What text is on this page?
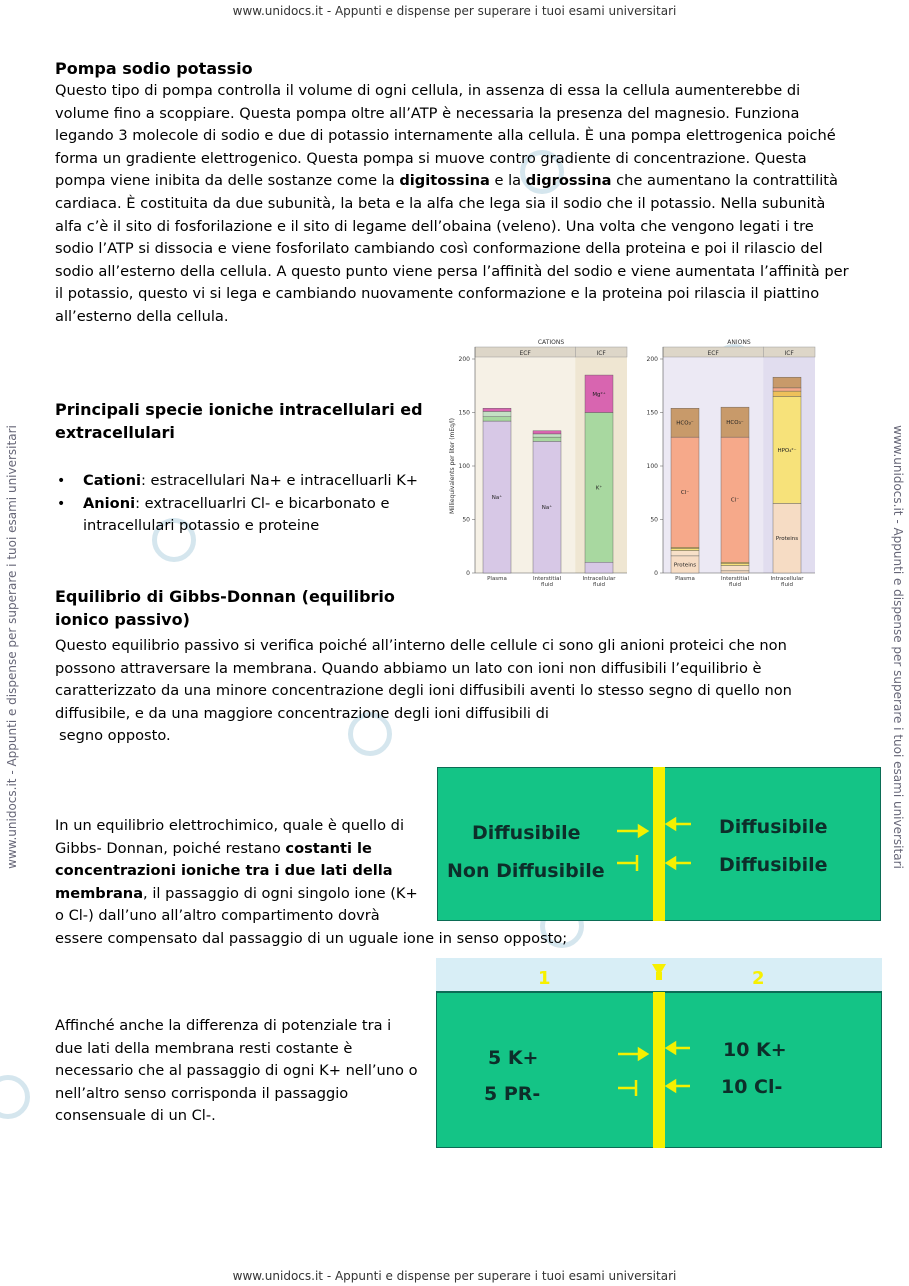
www.unidocs.it - Appunti e dispense per superare i tuoi esami universitari
www.unidocs.it - Appunti e dispense per superare i tuoi esami universitari
www.unidocs.it - Appunti e dispense per superare i tuoi esami universitari	www.unidocs.it - Appunti e dispense per superare i tuoi esami universitari
Pompa sodio potassio

Questo tipo di pompa controlla il volume di ogni cellula, in assenza di essa la cellula aumenterebbe di volume fino a scoppiare. Questa pompa oltre all’ATP è necessaria la presenza del magnesio. Funziona legando 3 molecole di sodio e due di potassio internamente alla cellula. È una pompa elettrogenica poiché forma un gradiente elettrogenico. Questa pompa si muove contro gradiente di concentrazione. Questa pompa viene inibita da delle sostanze come la digitossina e la digrossina che aumentano la contrattilità cardiaca. È costituita da due subunità, la beta e la alfa che lega sia il sodio che il potassio. Nella subunità alfa c’è il sito di fosforilazione e il sito di legame dell’obaina (veleno). Una volta che vengono legati i tre sodio l’ATP si dissocia e viene fosforilato cambiando così conformazione della proteina e poi il rilascio del sodio all’esterno della cellula. A questo punto viene persa l’affinità del sodio e viene aumentata l’affinità per il potassio, questo vi si lega e cambiando nuovamente conformazione e la proteina poi rilascia il piattino all’esterno della cellula.

Principali specie ioniche intracellulari ed extracellulari
• Cationi: estracellulari Na+ e intracelluarli K+
• Anioni: extracelluarlri Cl- e bicarbonato e intracellulari potassio e proteine
Milliequivalents per liter (mEq/l)
CATIONS
ECF	ICF
0
50
100
150
200
Na⁺
Plasma
Na⁺
Interstitial
fluid
K⁺
Mg²⁺
Intracellular
fluid
ANIONS
ECF	ICF
0
50
100
150
200
Proteins
Cl⁻
HCO₃⁻
Plasma
Cl⁻
HCO₃⁻
Interstitial
fluid
Proteins
HPO₄²⁻
Intracellular
fluid
Equilibrio di Gibbs-Donnan (equilibrio ionico passivo)

Questo equilibrio passivo si verifica poiché all’interno delle cellule ci sono gli anioni proteici che non possono attraversare la membrana. Quando abbiamo un lato con ioni non diffusibili l’equilibrio è caratterizzato da una minore concentrazione degli ioni diffusibili aventi lo stesso segno di quello non diffusibile, e da una maggiore concentrazione degli ioni diffusibili di
segno opposto.

Diffusibile
Non Diffusibile
Diffusibile
Diffusibile

In un equilibrio elettrochimico, quale è quello di Gibbs- Donnan, poiché restano costanti le concentrazioni ioniche tra i due lati della membrana, il passaggio di ogni singolo ione (K+ o Cl-) dall’uno all’altro compartimento dovrà

essere compensato dal passaggio di un uguale ione in senso opposto;
1	2
5 K+
5 PR-
10 K+
10 Cl-

Affinché anche la differenza di potenziale tra i due lati della membrana resti costante è necessario che al passaggio di ogni K+ nell’uno o nell’altro senso corrisponda il passaggio consensuale di un Cl-.
